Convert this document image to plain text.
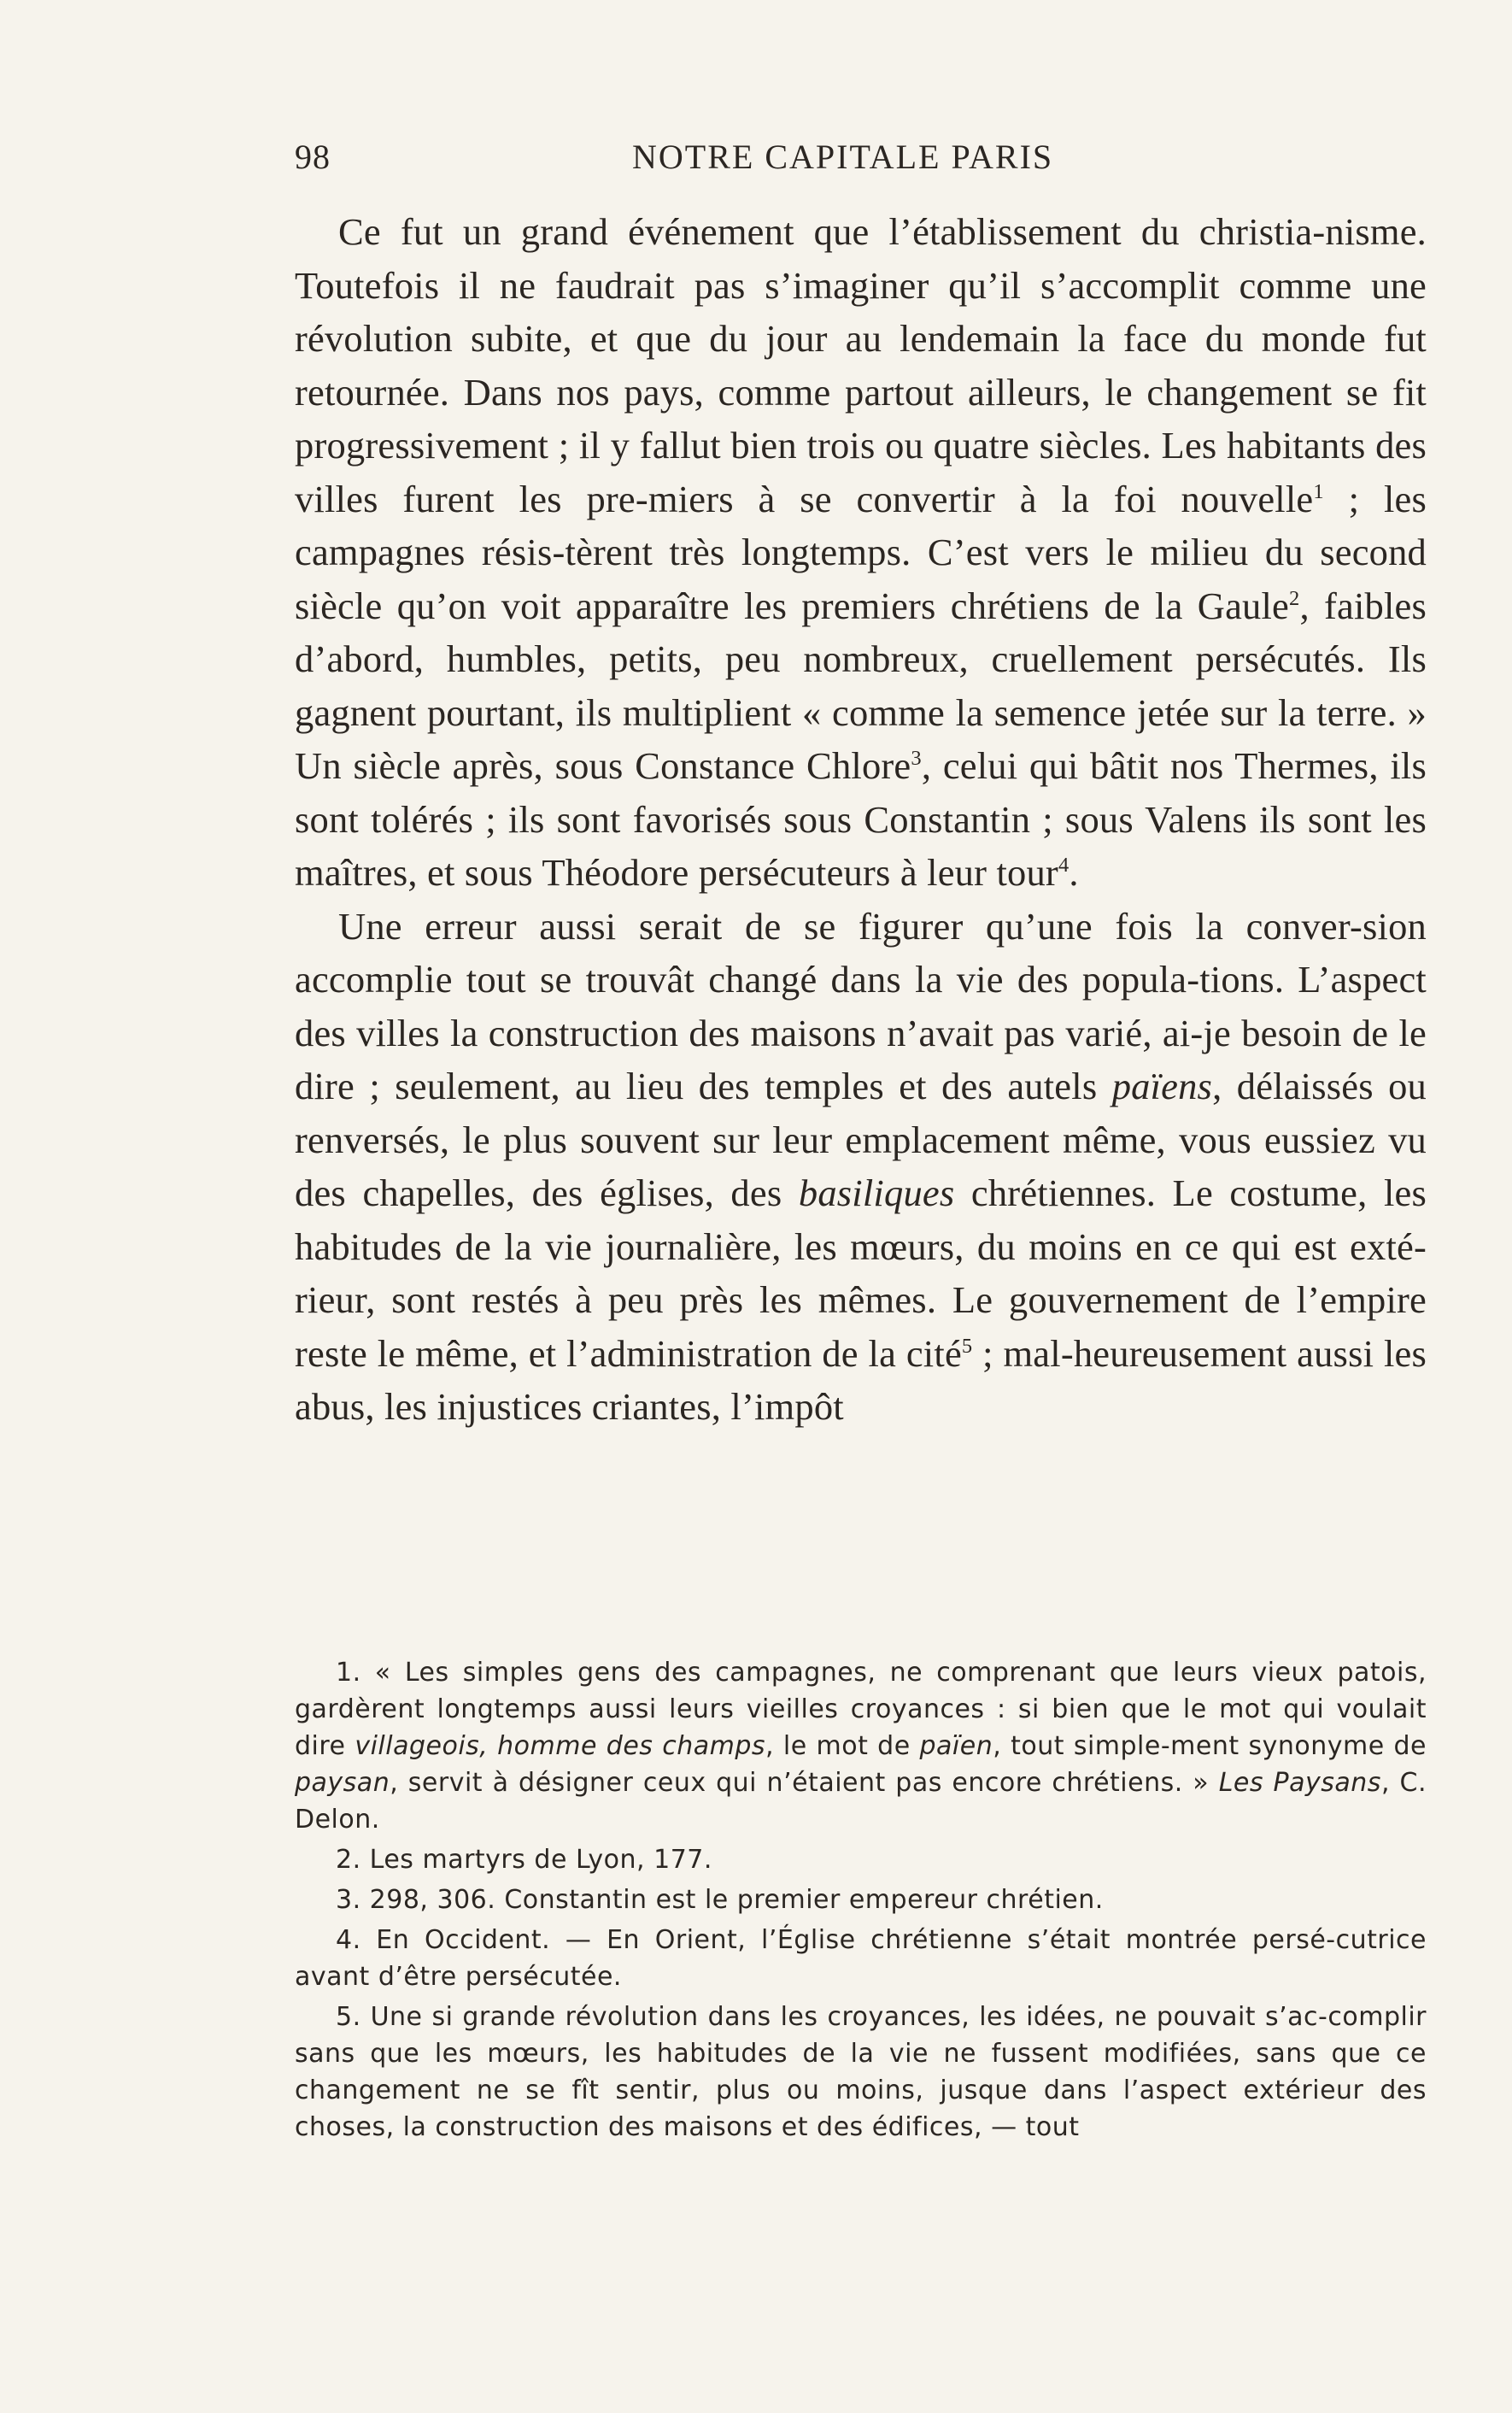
98	NOTRE CAPITALE PARIS

Ce fut un grand événement que l’établissement du christia-nisme. Toutefois il ne faudrait pas s’imaginer qu’il s’accomplit comme une révolution subite, et que du jour au lendemain la face du monde fut retournée. Dans nos pays, comme partout ailleurs, le changement se fit progressivement ; il y fallut bien trois ou quatre siècles. Les habitants des villes furent les pre-miers à se convertir à la foi nouvelle$^1$ ; les campagnes résis-tèrent très longtemps. C’est vers le milieu du second siècle qu’on voit apparaître les premiers chrétiens de la Gaule$^2$, faibles d’abord, humbles, petits, peu nombreux, cruellement persécutés. Ils gagnent pourtant, ils multiplient « comme la semence jetée sur la terre. » Un siècle après, sous Constance Chlore$^3$, celui qui bâtit nos Thermes, ils sont tolérés ; ils sont favorisés sous Constantin ; sous Valens ils sont les maîtres, et sous Théodore persécuteurs à leur tour$^4$.

Une erreur aussi serait de se figurer qu’une fois la conver-sion accomplie tout se trouvât changé dans la vie des popula-tions. L’aspect des villes la construction des maisons n’avait pas varié, ai-je besoin de le dire ; seulement, au lieu des temples et des autels païens, délaissés ou renversés, le plus souvent sur leur emplacement même, vous eussiez vu des chapelles, des églises, des basiliques chrétiennes. Le costume, les habitudes de la vie journalière, les mœurs, du moins en ce qui est exté-rieur, sont restés à peu près les mêmes. Le gouvernement de l’empire reste le même, et l’administration de la cité$^5$ ; mal-heureusement aussi les abus, les injustices criantes, l’impôt

1. « Les simples gens des campagnes, ne comprenant que leurs vieux patois, gardèrent longtemps aussi leurs vieilles croyances : si bien que le mot qui voulait dire villageois, homme des champs, le mot de païen, tout simple-ment synonyme de paysan, servit à désigner ceux qui n’étaient pas encore chrétiens. » Les Paysans, C. Delon.

2. Les martyrs de Lyon, 177.

3. 298, 306. Constantin est le premier empereur chrétien.

4. En Occident. — En Orient, l’Église chrétienne s’était montrée persé-cutrice avant d’être persécutée.

5. Une si grande révolution dans les croyances, les idées, ne pouvait s’ac-complir sans que les mœurs, les habitudes de la vie ne fussent modifiées, sans que ce changement ne se fît sentir, plus ou moins, jusque dans l’aspect extérieur des choses, la construction des maisons et des édifices, — tout
